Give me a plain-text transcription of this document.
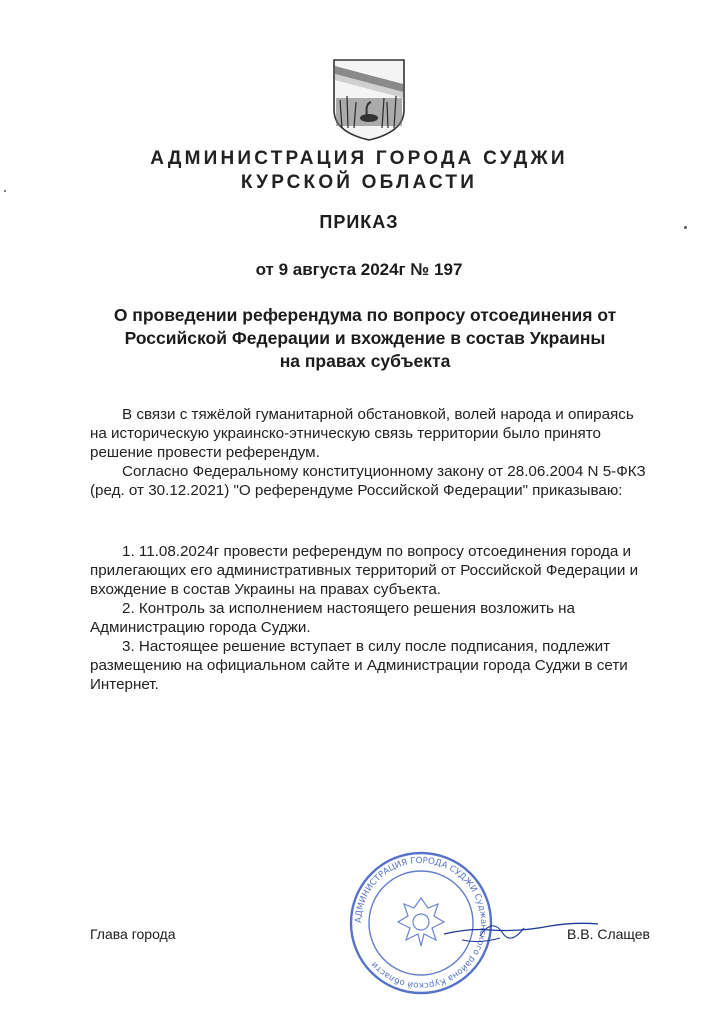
АДМИНИСТРАЦИЯ ГОРОДА СУДЖИ
КУРСКОЙ ОБЛАСТИ
ПРИКАЗ
от 9 августа 2024г № 197
О проведении референдума по вопросу отсоединения от
Российской Федерации и вхождение в состав Украины
на правах субъекта

В связи с тяжёлой гуманитарной обстановкой, волей народа и опираясь на историческую украинско-этническую связь территории было принято решение провести референдум.

Согласно Федеральному конституционному закону от 28.06.2004 N 5-ФКЗ (ред. от 30.12.2021) "О референдуме Российской Федерации" приказываю:

1. 11.08.2024г провести референдум по вопросу отсоединения города и прилегающих его административных территорий от Российской Федерации и вхождение в состав Украины на правах субъекта.

2. Контроль за исполнением настоящего решения возложить на Администрацию города Суджи.

3. Настоящее решение вступает в силу после подписания, подлежит размещению на официальном сайте и Администрации города Суджи в сети Интернет.

АДМИНИСТРАЦИЯ ГОРОДА СУДЖИ Суджанского района Курской области
Глава города	В.В. Слащев
